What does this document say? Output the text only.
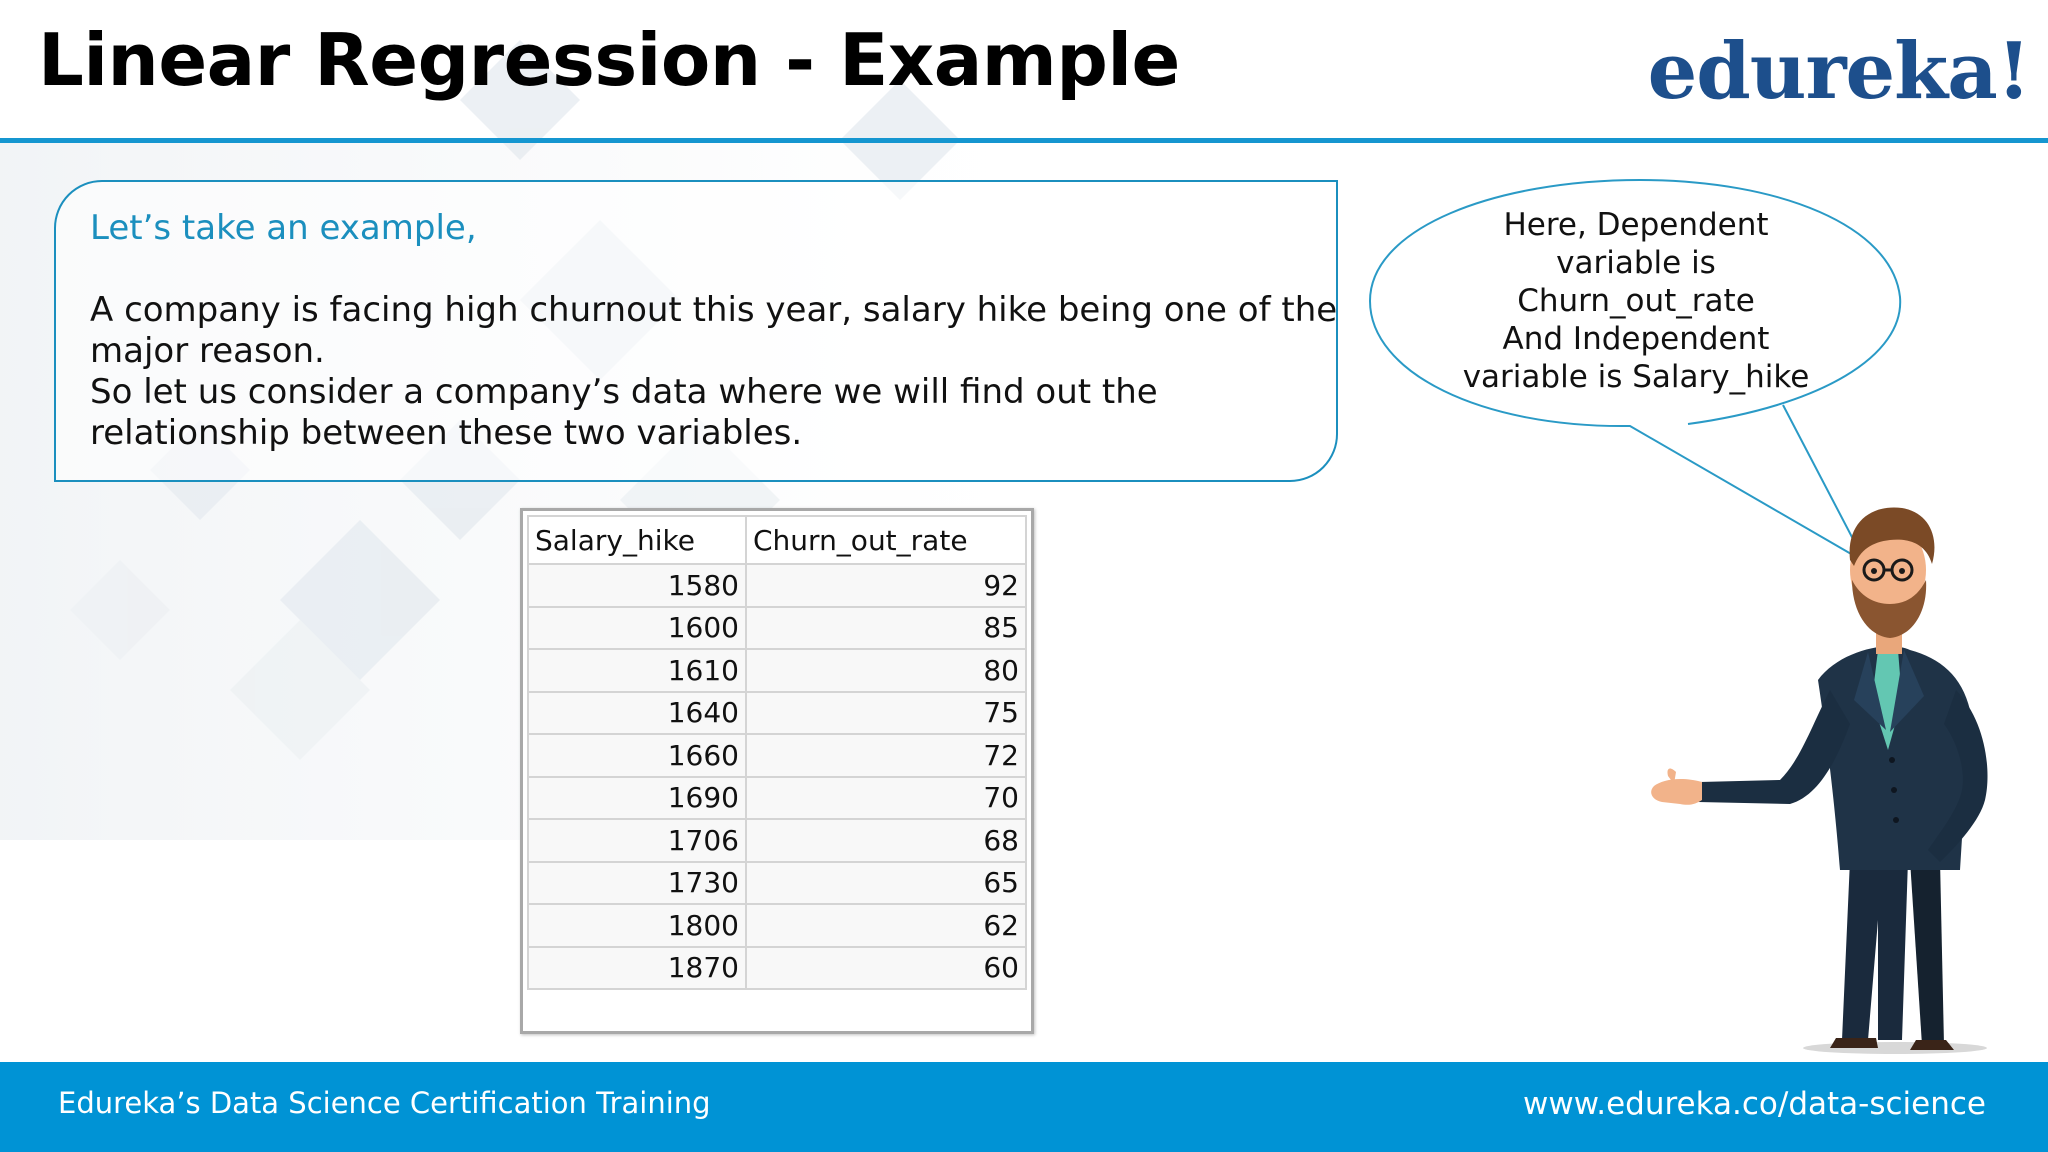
Linear Regression - Example	edureka!
Let’s take an example,

A company is facing high churnout this year, salary hike being one of the major reason.

So let us consider a company’s data where we will find out the relationship between these two variables.

Here, Dependent
variable is
Churn_out_rate
And Independent
variable is Salary_hike
Salary_hike	Churn_out_rate
1580	92
1600	85
1610	80
1640	75
1660	72
1690	70
1706	68
1730	65
1800	62
1870	60
Edureka’s Data Science Certification Training	www.edureka.co/data-science
